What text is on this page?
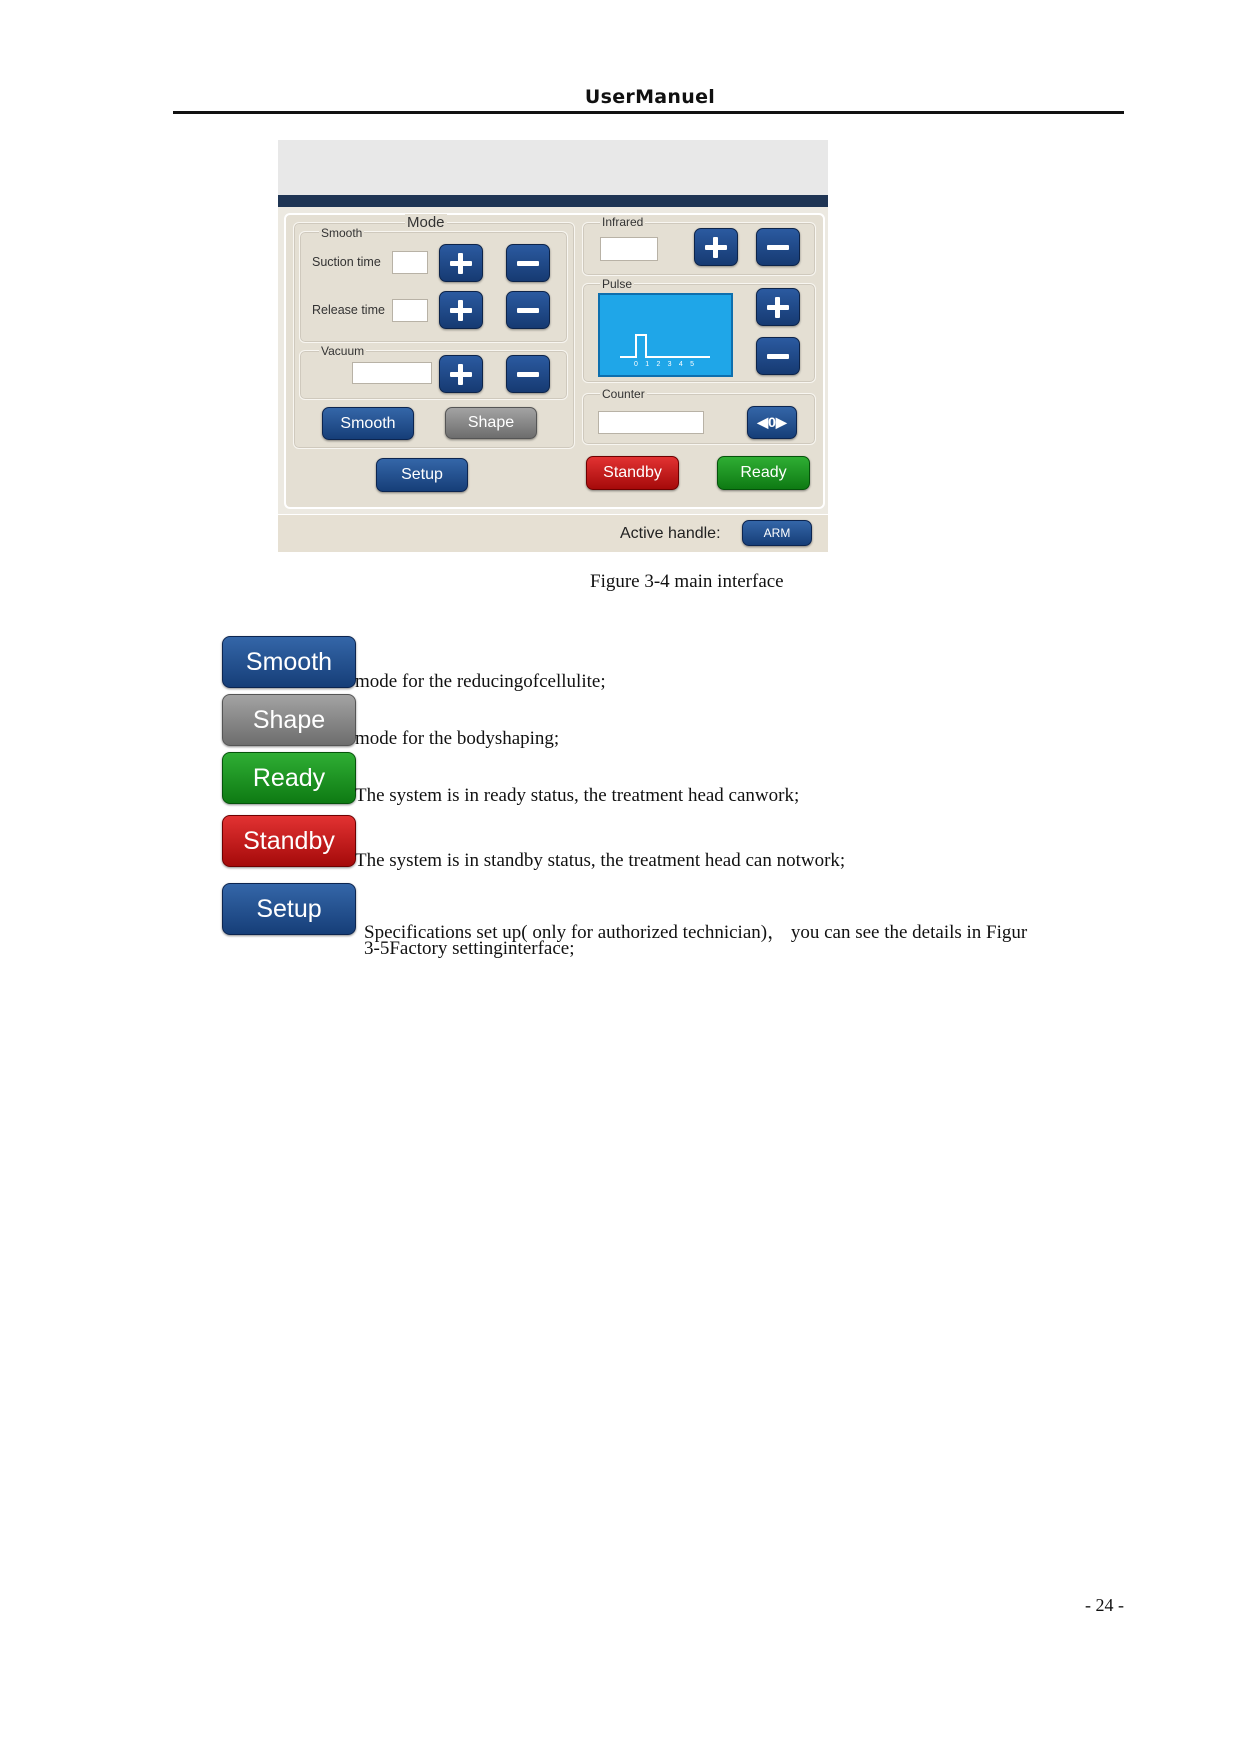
UserManuel
Mode
Smooth
Suction time
Release time
Vacuum
Smooth	Shape
Infrared
Pulse
0 1 2 3 4 5
Counter
◀0▶
Setup	Standby	Ready
Active handle:	ARM
Figure 3-4 main interface
Smooth
mode for the reducingofcellulite;
Shape
mode for the bodyshaping;
Ready
The system is in ready status, the treatment head canwork;
Standby
The system is in standby status, the treatment head can notwork;
Setup
Specifications set up( only for authorized technician)， you can see the details in Figur
3-5Factory settinginterface;
- 24 -
